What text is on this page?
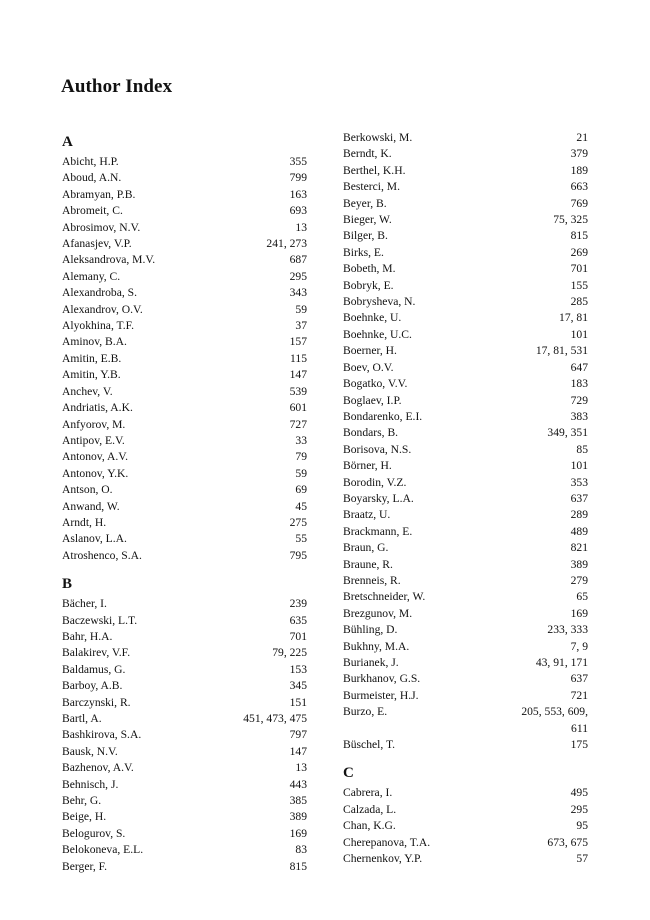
Author Index
A
Abicht, H.P.	355
Aboud, A.N.	799
Abramyan, P.B.	163
Abromeit, C.	693
Abrosimov, N.V.	13
Afanasjev, V.P.	241, 273
Aleksandrova, M.V.	687
Alemany, C.	295
Alexandroba, S.	343
Alexandrov, O.V.	59
Alyokhina, T.F.	37
Aminov, B.A.	157
Amitin, E.B.	115
Amitin, Y.B.	147
Anchev, V.	539
Andriatis, A.K.	601
Anfyorov, M.	727
Antipov, E.V.	33
Antonov, A.V.	79
Antonov, Y.K.	59
Antson, O.	69
Anwand, W.	45
Arndt, H.	275
Aslanov, L.A.	55
Atroshenco, S.A.	795
B
Bächer, I.	239
Baczewski, L.T.	635
Bahr, H.A.	701
Balakirev, V.F.	79, 225
Baldamus, G.	153
Barboy, A.B.	345
Barczynski, R.	151
Bartl, A.	451, 473, 475
Bashkirova, S.A.	797
Bausk, N.V.	147
Bazhenov, A.V.	13
Behnisch, J.	443
Behr, G.	385
Beige, H.	389
Belogurov, S.	169
Belokoneva, E.L.	83
Berger, F.	815
Berkowski, M.	21
Berndt, K.	379
Berthel, K.H.	189
Besterci, M.	663
Beyer, B.	769
Bieger, W.	75, 325
Bilger, B.	815
Birks, E.	269
Bobeth, M.	701
Bobryk, E.	155
Bobrysheva, N.	285
Boehnke, U.	17, 81
Boehnke, U.C.	101
Boerner, H.	17, 81, 531
Boev, O.V.	647
Bogatko, V.V.	183
Boglaev, I.P.	729
Bondarenko, E.I.	383
Bondars, B.	349, 351
Borisova, N.S.	85
Börner, H.	101
Borodin, V.Z.	353
Boyarsky, L.A.	637
Braatz, U.	289
Brackmann, E.	489
Braun, G.	821
Braune, R.	389
Brenneis, R.	279
Bretschneider, W.	65
Brezgunov, M.	169
Bühling, D.	233, 333
Bukhny, M.A.	7, 9
Burianek, J.	43, 91, 171
Burkhanov, G.S.	637
Burmeister, H.J.	721
Burzo, E.	205, 553, 609,
611
Büschel, T.	175
C
Cabrera, I.	495
Calzada, L.	295
Chan, K.G.	95
Cherepanova, T.A.	673, 675
Chernenkov, Y.P.	57
